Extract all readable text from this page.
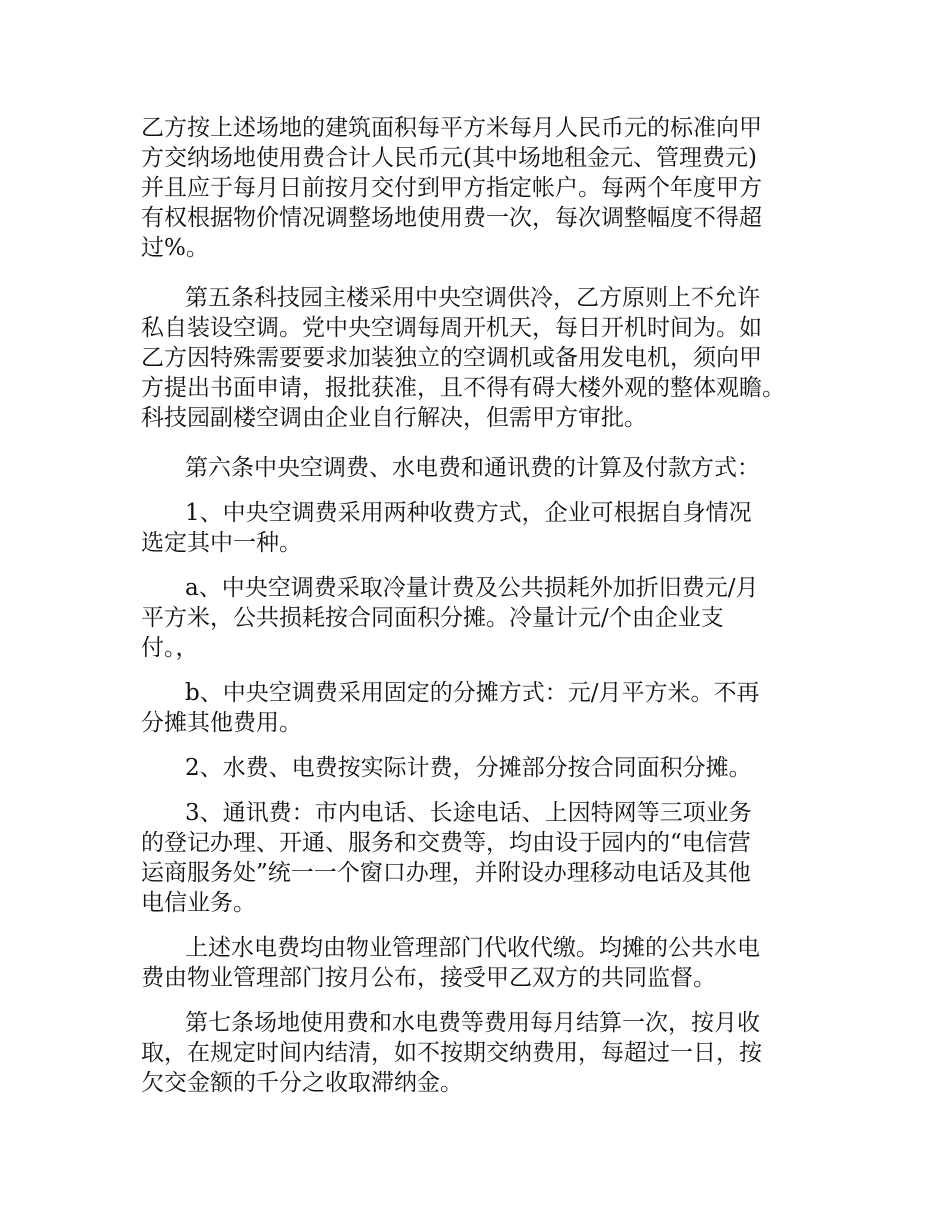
乙方按上述场地的建筑面积每平方米每月人民币元的标准向甲
方交纳场地使用费合计人民币元(其中场地租金元、管理费元)
并且应于每月日前按月交付到甲方指定帐户。每两个年度甲方
有权根据物价情况调整场地使用费一次，每次调整幅度不得超
过%。
第五条科技园主楼采用中央空调供冷，乙方原则上不允许
私自装设空调。党中央空调每周开机天，每日开机时间为。如
乙方因特殊需要要求加装独立的空调机或备用发电机，须向甲
方提出书面申请，报批获准，且不得有碍大楼外观的整体观瞻。
科技园副楼空调由企业自行解决，但需甲方审批。
第六条中央空调费、水电费和通讯费的计算及付款方式：
1、中央空调费采用两种收费方式，企业可根据自身情况
选定其中一种。
a、中央空调费采取冷量计费及公共损耗外加折旧费元/月
平方米，公共损耗按合同面积分摊。冷量计元/个由企业支
付。，
b、中央空调费采用固定的分摊方式：元/月平方米。不再
分摊其他费用。
2、水费、电费按实际计费，分摊部分按合同面积分摊。
3、通讯费：市内电话、长途电话、上因特网等三项业务
的登记办理、开通、服务和交费等，均由设于园内的“电信营
运商服务处”统一一个窗口办理，并附设办理移动电话及其他
电信业务。
上述水电费均由物业管理部门代收代缴。均摊的公共水电
费由物业管理部门按月公布，接受甲乙双方的共同监督。
第七条场地使用费和水电费等费用每月结算一次，按月收
取，在规定时间内结清，如不按期交纳费用，每超过一日，按
欠交金额的千分之收取滞纳金。
